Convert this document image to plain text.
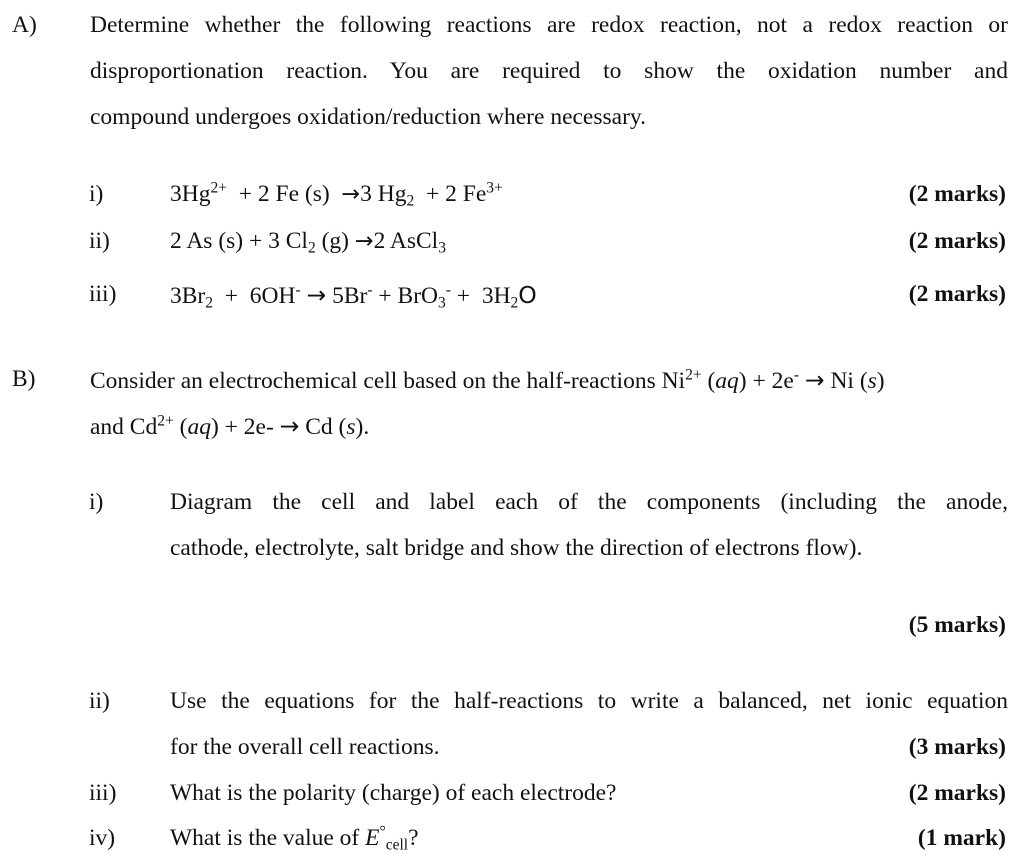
A) Determine whether the following reactions are redox reaction, not a redox reaction or
disproportionation reaction. You are required to show the oxidation number and
compound undergoes oxidation/reduction where necessary.
i)	$3Hg^{2+} + 2$ Fe (s) →3 $Hg_2 + 2$ $Fe^{3+}$	(2 marks)
ii)	2 As (s) + 3 $Cl_2$ (g) →2 AsCl$_3$	(2 marks)
iii) $3Br_2 + 6OH^- \to 5Br^- + BrO_3^- + 3H_2O$	(2 marks)
B) Consider an electrochemical cell based on the half-reactions $Ni^{2+}$ (aq) + 2e- → Ni (s)
and $Cd^{2+}$ (aq) + 2e- → Cd (s).
i)	Diagram the cell and label each of the components (including the anode,
cathode, electrolyte, salt bridge and show the direction of electrons flow).
(5 marks)
ii)	Use the equations for the half-reactions to write a balanced, net ionic equation
for the overall cell reactions.	(3 marks)
iii) What is the polarity (charge) of each electrode?	(2 marks)
iv) What is the value of $E^\circ_{cell}$?	(1 mark)
